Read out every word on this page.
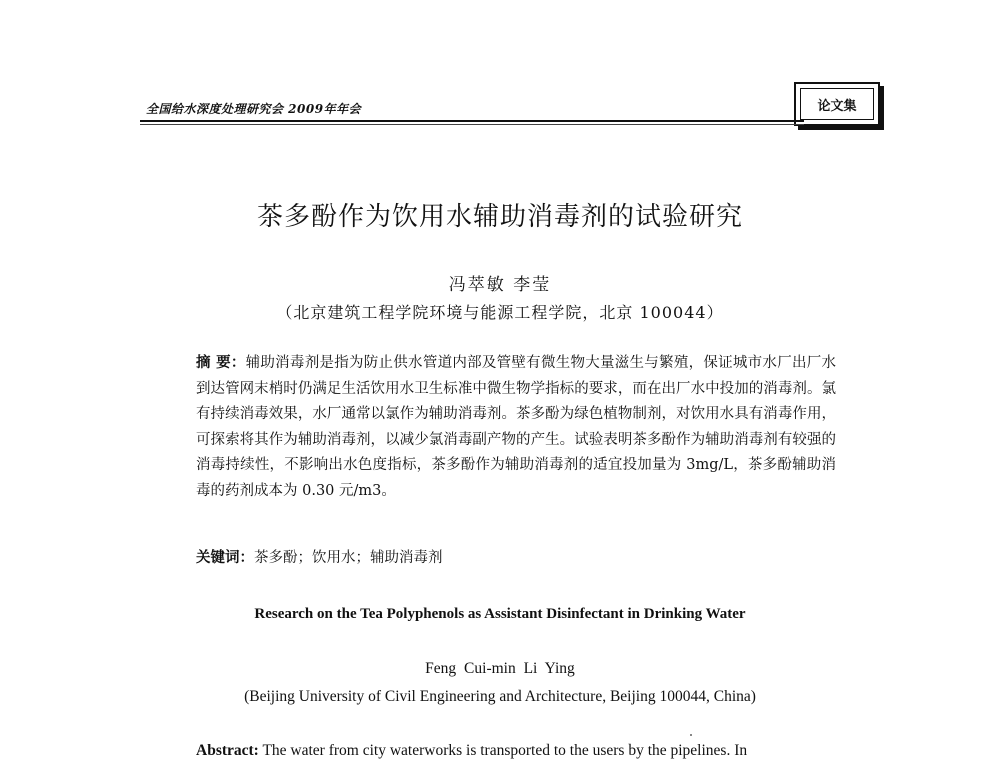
全国给水深度处理研究会 2009年年会	论文集
茶多酚作为饮用水辅助消毒剂的试验研究
冯萃敏 李莹
（北京建筑工程学院环境与能源工程学院，北京 100044）
摘 要：辅助消毒剂是指为防止供水管道内部及管壁有微生物大量滋生与繁殖，保证城市水厂出厂水到达管网末梢时仍满足生活饮用水卫生标准中微生物学指标的要求，而在出厂水中投加的消毒剂。氯有持续消毒效果，水厂通常以氯作为辅助消毒剂。茶多酚为绿色植物制剂，对饮用水具有消毒作用，可探索将其作为辅助消毒剂，以减少氯消毒副产物的产生。试验表明茶多酚作为辅助消毒剂有较强的消毒持续性，不影响出水色度指标，茶多酚作为辅助消毒剂的适宜投加量为 3mg/L，茶多酚辅助消毒的药剂成本为 0.30 元/m3。
关键词：茶多酚；饮用水；辅助消毒剂
Research on the Tea Polyphenols as Assistant Disinfectant in Drinking Water
Feng Cui-min Li Ying
(Beijing University of Civil Engineering and Architecture, Beijing 100044, China)
Abstract: The water from city waterworks is transported to the users by the pipelines. In
